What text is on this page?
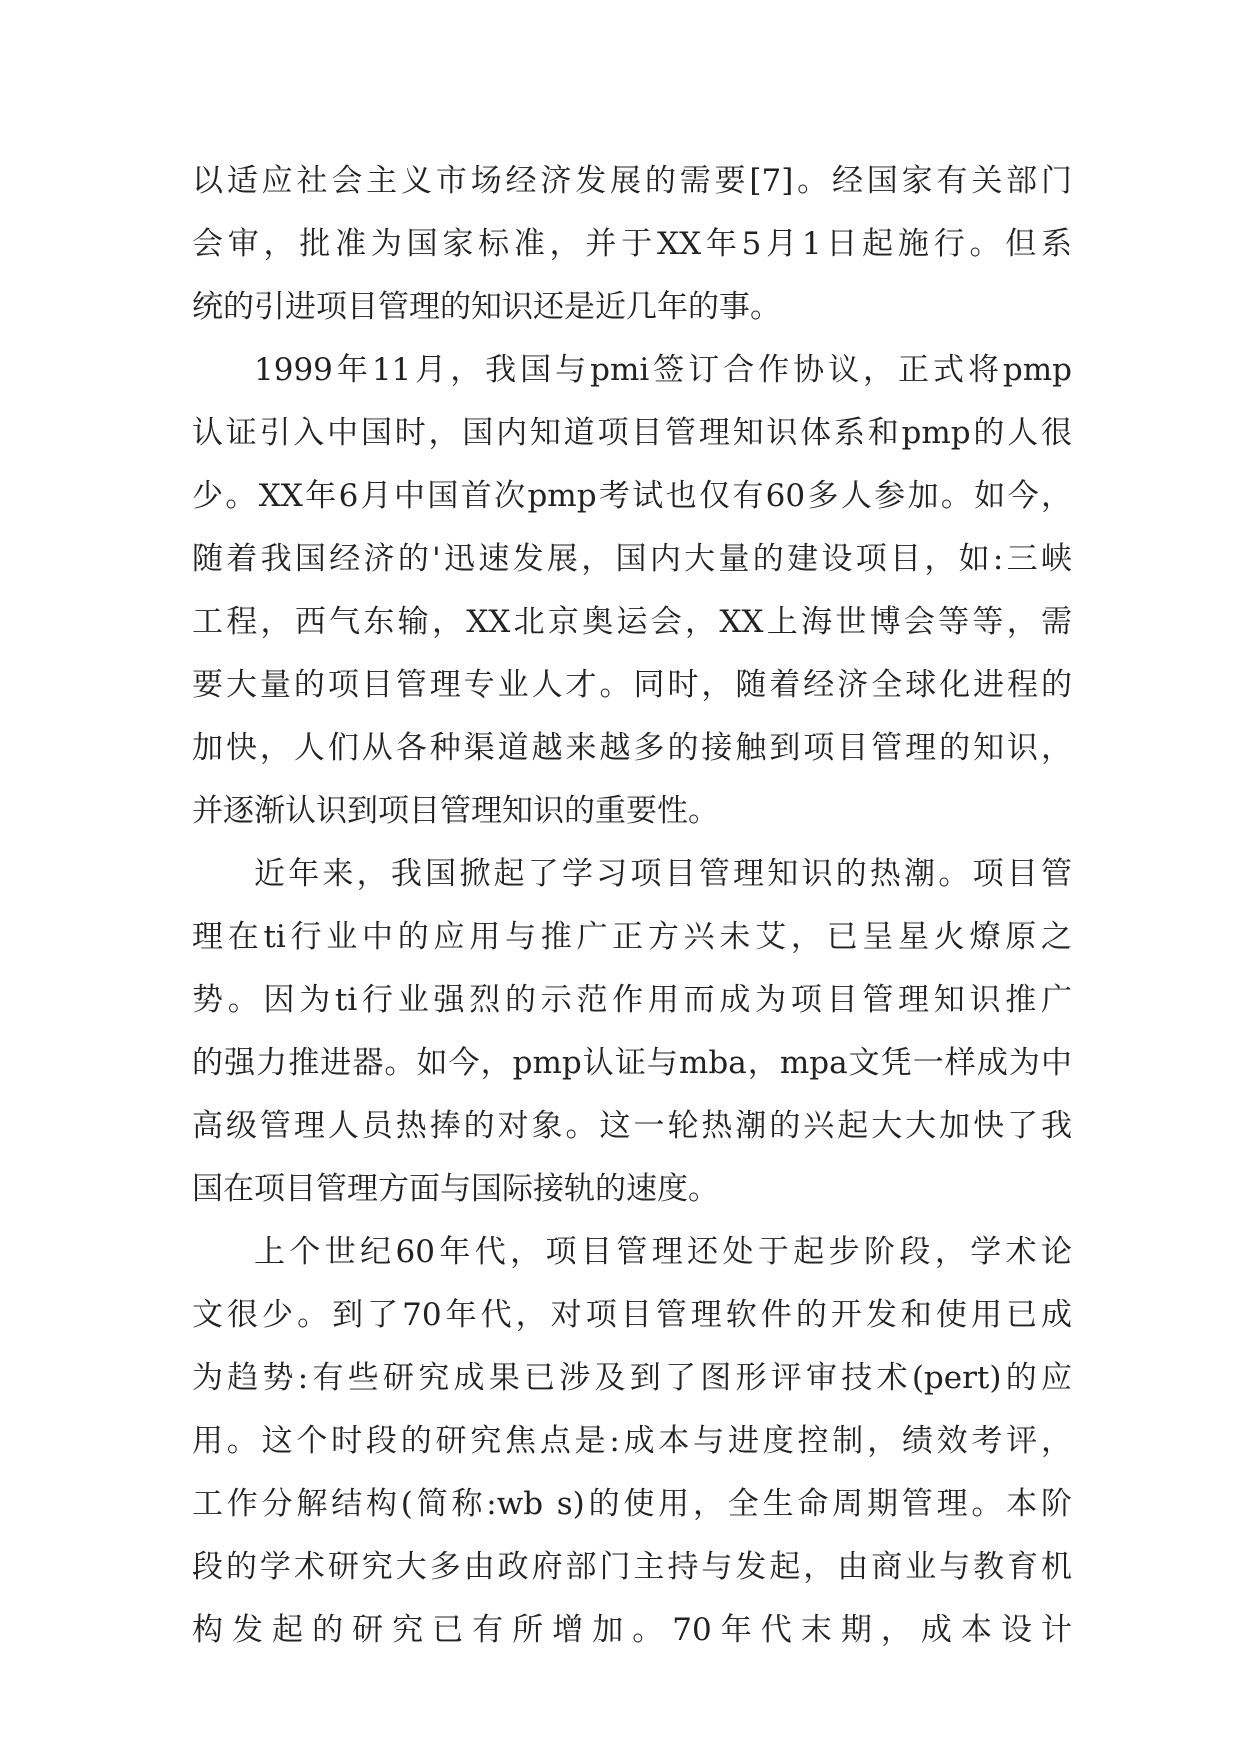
以适应社会主义市场经济发展的需要[7]。经国家有关部门
会审，批准为国家标准，并于XX年5月1日起施行。但系
统的引进项目管理的知识还是近几年的事。
1999年11月，我国与pmi签订合作协议，正式将pmp
认证引入中国时，国内知道项目管理知识体系和pmp的人很
少。XX年6月中国首次pmp考试也仅有60多人参加。如今，
随着我国经济的'迅速发展，国内大量的建设项目，如:三峡
工程，西气东输，XX北京奥运会，XX上海世博会等等，需
要大量的项目管理专业人才。同时，随着经济全球化进程的
加快，人们从各种渠道越来越多的接触到项目管理的知识，
并逐渐认识到项目管理知识的重要性。
近年来，我国掀起了学习项目管理知识的热潮。项目管
理在ti行业中的应用与推广正方兴未艾，已呈星火燎原之
势。因为ti行业强烈的示范作用而成为项目管理知识推广
的强力推进器。如今，pmp认证与mba，mpa文凭一样成为中
高级管理人员热捧的对象。这一轮热潮的兴起大大加快了我
国在项目管理方面与国际接轨的速度。
上个世纪60年代，项目管理还处于起步阶段，学术论
文很少。到了70年代，对项目管理软件的开发和使用已成
为趋势:有些研究成果已涉及到了图形评审技术(pert)的应
用。这个时段的研究焦点是:成本与进度控制，绩效考评，
工作分解结构(简称:wb s)的使用，全生命周期管理。本阶
段的学术研究大多由政府部门主持与发起，由商业与教育机
构发起的研究已有所增加。70年代末期，成本设计
